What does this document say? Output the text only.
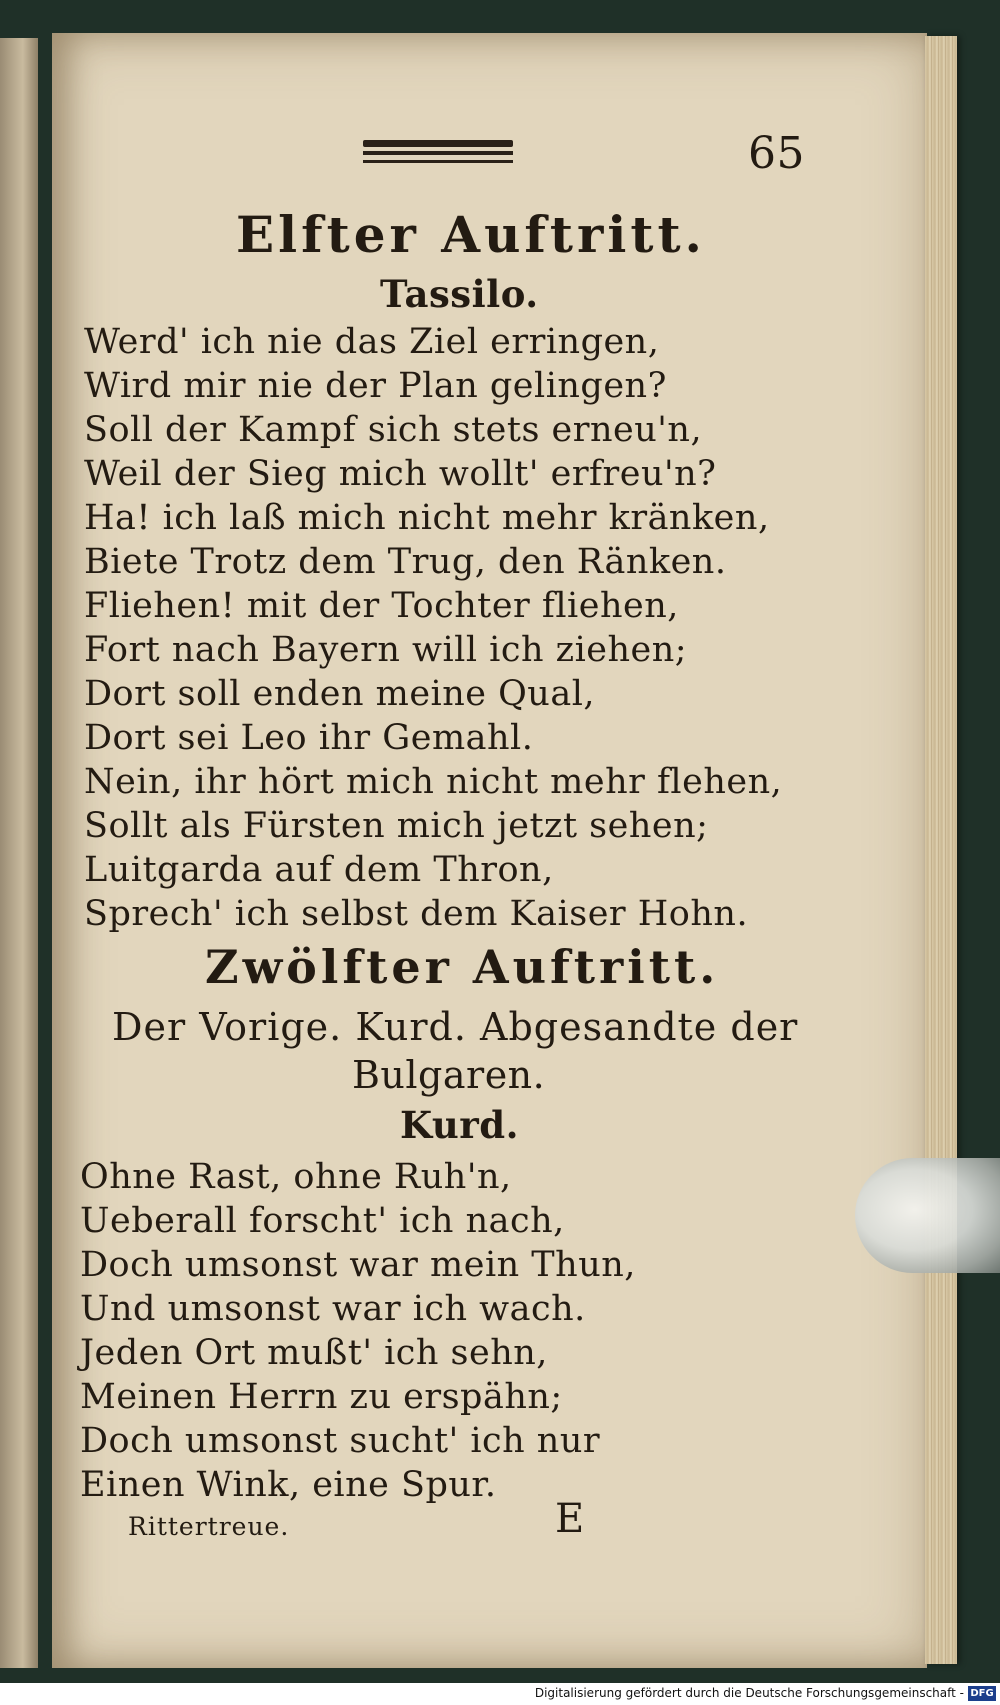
65
Elfter Auftritt.
Tassilo.
Werd' ich nie das Ziel erringen,
Wird mir nie der Plan gelingen?
Soll der Kampf sich stets erneu'n,
Weil der Sieg mich wollt' erfreu'n?
Ha! ich laß mich nicht mehr kränken,
Biete Trotz dem Trug, den Ränken.
Fliehen! mit der Tochter fliehen,
Fort nach Bayern will ich ziehen;
Dort soll enden meine Qual,
Dort sei Leo ihr Gemahl.
Nein, ihr hört mich nicht mehr flehen,
Sollt als Fürsten mich jetzt sehen;
Luitgarda auf dem Thron,
Sprech' ich selbst dem Kaiser Hohn.
Zwölfter Auftritt.
Der Vorige. Kurd. Abgesandte der
Bulgaren.
Kurd.
Ohne Rast, ohne Ruh'n,
Ueberall forscht' ich nach,
Doch umsonst war mein Thun,
Und umsonst war ich wach.
Jeden Ort mußt' ich sehn,
Meinen Herrn zu erspähn;
Doch umsonst sucht' ich nur
Einen Wink, eine Spur.
Rittertreue.	E
Digitalisierung gefördert durch die Deutsche Forschungsgemeinschaft - DFG
